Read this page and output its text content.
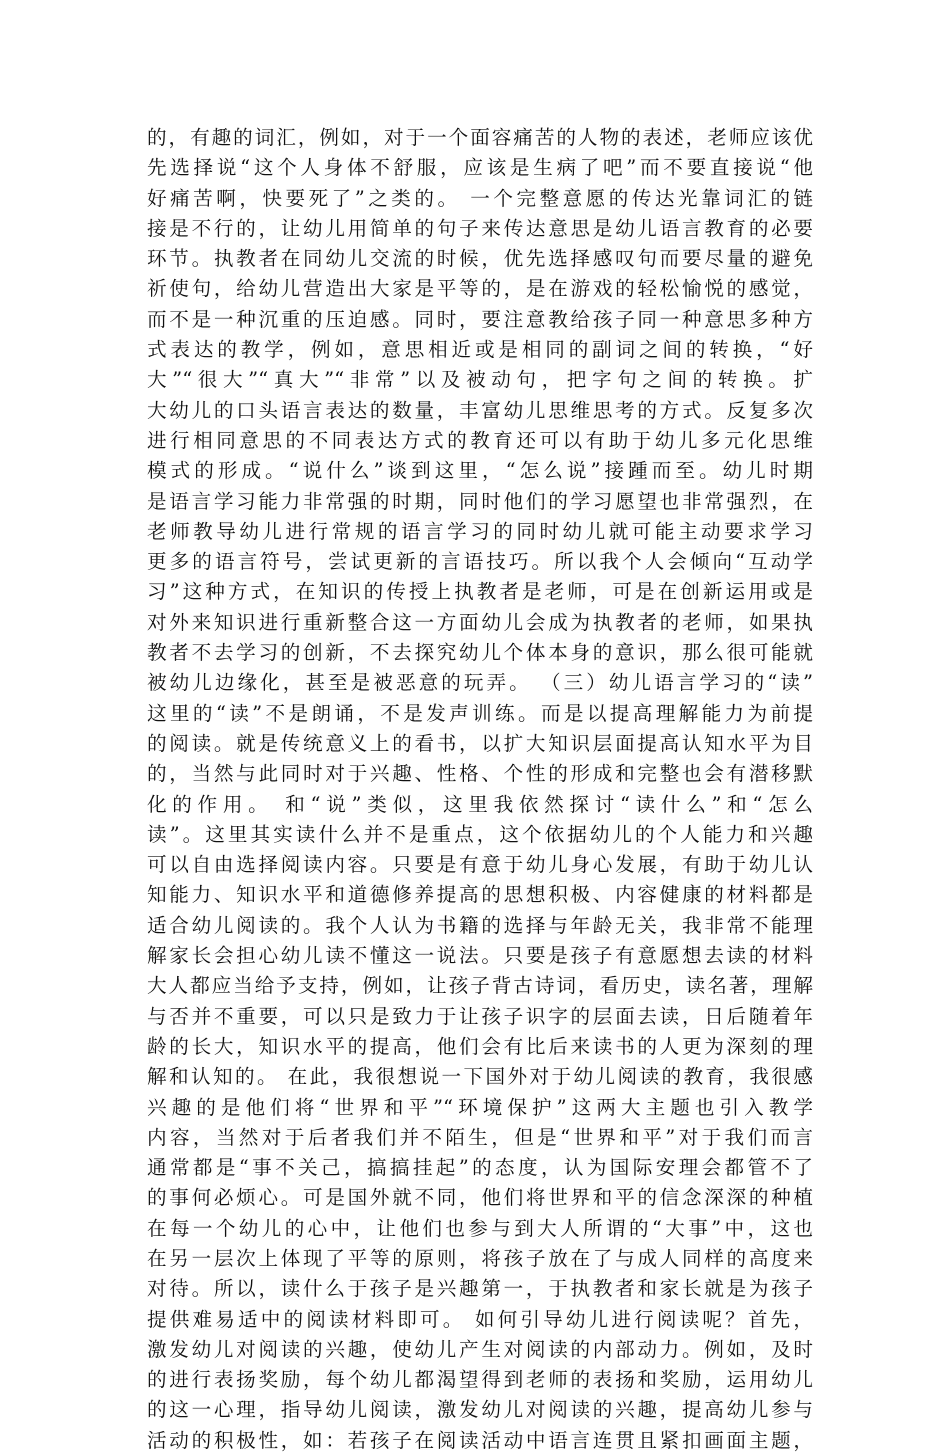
的，有趣的词汇，例如，对于一个面容痛苦的人物的表述，老师应该优
先选择说“这个人身体不舒服，应该是生病了吧”而不要直接说“他
好痛苦啊，快要死了”之类的。 一个完整意愿的传达光靠词汇的链
接是不行的，让幼儿用简单的句子来传达意思是幼儿语言教育的必要
环节。执教者在同幼儿交流的时候，优先选择感叹句而要尽量的避免
祈使句，给幼儿营造出大家是平等的，是在游戏的轻松愉悦的感觉，
而不是一种沉重的压迫感。同时，要注意教给孩子同一种意思多种方
式表达的教学，例如，意思相近或是相同的副词之间的转换，“好
大”“很大”“真大”“非常”以及被动句，把字句之间的转换。扩
大幼儿的口头语言表达的数量，丰富幼儿思维思考的方式。反复多次
进行相同意思的不同表达方式的教育还可以有助于幼儿多元化思维
模式的形成。“说什么”谈到这里，“怎么说”接踵而至。幼儿时期
是语言学习能力非常强的时期，同时他们的学习愿望也非常强烈，在
老师教导幼儿进行常规的语言学习的同时幼儿就可能主动要求学习
更多的语言符号，尝试更新的言语技巧。所以我个人会倾向“互动学
习”这种方式，在知识的传授上执教者是老师，可是在创新运用或是
对外来知识进行重新整合这一方面幼儿会成为执教者的老师，如果执
教者不去学习的创新，不去探究幼儿个体本身的意识，那么很可能就
被幼儿边缘化，甚至是被恶意的玩弄。 （三）幼儿语言学习的“读”
这里的“读”不是朗诵，不是发声训练。而是以提高理解能力为前提
的阅读。就是传统意义上的看书，以扩大知识层面提高认知水平为目
的，当然与此同时对于兴趣、性格、个性的形成和完整也会有潜移默
化的作用。 和“说”类似，这里我依然探讨“读什么”和“怎么
读”。这里其实读什么并不是重点，这个依据幼儿的个人能力和兴趣
可以自由选择阅读内容。只要是有意于幼儿身心发展，有助于幼儿认
知能力、知识水平和道德修养提高的思想积极、内容健康的材料都是
适合幼儿阅读的。我个人认为书籍的选择与年龄无关，我非常不能理
解家长会担心幼儿读不懂这一说法。只要是孩子有意愿想去读的材料
大人都应当给予支持，例如，让孩子背古诗词，看历史，读名著，理解
与否并不重要，可以只是致力于让孩子识字的层面去读，日后随着年
龄的长大，知识水平的提高，他们会有比后来读书的人更为深刻的理
解和认知的。 在此，我很想说一下国外对于幼儿阅读的教育，我很感
兴趣的是他们将“世界和平”“环境保护”这两大主题也引入教学
内容，当然对于后者我们并不陌生，但是“世界和平”对于我们而言
通常都是“事不关己，搞搞挂起”的态度，认为国际安理会都管不了
的事何必烦心。可是国外就不同，他们将世界和平的信念深深的种植
在每一个幼儿的心中，让他们也参与到大人所谓的“大事”中，这也
在另一层次上体现了平等的原则，将孩子放在了与成人同样的高度来
对待。所以，读什么于孩子是兴趣第一，于执教者和家长就是为孩子
提供难易适中的阅读材料即可。 如何引导幼儿进行阅读呢？首先，
激发幼儿对阅读的兴趣，使幼儿产生对阅读的内部动力。例如，及时
的进行表扬奖励，每个幼儿都渴望得到老师的表扬和奖励，运用幼儿
的这一心理，指导幼儿阅读，激发幼儿对阅读的兴趣，提高幼儿参与
活动的积极性，如：若孩子在阅读活动中语言连贯且紧扣画面主题，
